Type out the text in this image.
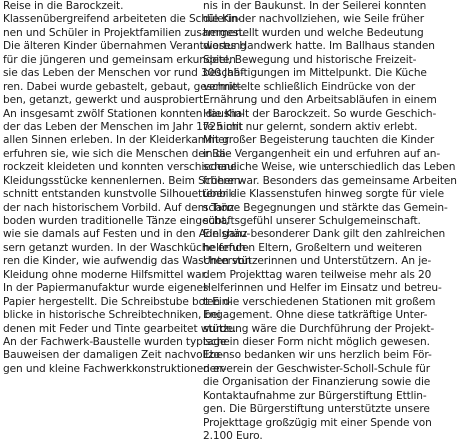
Reise in die Barockzeit.
Klassenübergreifend arbeiteten die Schülerin-
nen und Schüler in Projektfamilien zusammen.
Die älteren Kinder übernahmen Verantwortung
für die jüngeren und gemeinsam erkundeten
sie das Leben der Menschen vor rund 300 Jah-
ren. Dabei wurde gebastelt, gebaut, geschrie-
ben, getanzt, gewerkt und ausprobiert.
An insgesamt zwölf Stationen konnten die Kin-
der das Leben der Menschen im Jahr 1725 mit
allen Sinnen erleben. In der Kleiderkammer
erfuhren sie, wie sich die Menschen der Ba-
rockzeit kleideten und konnten verschiedene
Kleidungsstücke kennenlernen. Beim Scheren-
schnitt entstanden kunstvolle Silhouettenbil-
der nach historischem Vorbild. Auf dem Tanz-
boden wurden traditionelle Tänze eingeübt,
wie sie damals auf Festen und in den Adelshäu-
sern getanzt wurden. In der Waschküche erfuh-
ren die Kinder, wie aufwendig das Waschen von
Kleidung ohne moderne Hilfsmittel war.
In der Papiermanufaktur wurde eigenes
Papier hergestellt. Die Schreibstube bot Ein-
blicke in historische Schreibtechniken, bei
denen mit Feder und Tinte gearbeitet wurde.
An der Fachwerk-Baustelle wurden typische
Bauweisen der damaligen Zeit nachvollzo-
gen und kleine Fachwerkkonstruktionen er-
nis in der Baukunst. In der Seilerei konnten
die Kinder nachvollziehen, wie Seile früher
hergestellt wurden und welche Bedeutung
dieses Handwerk hatte. Im Ballhaus standen
Spiel, Bewegung und historische Freizeit-
beschäftigungen im Mittelpunkt. Die Küche
vermittelte schließlich Eindrücke von der
Ernährung und den Arbeitsabläufen in einem
Haushalt der Barockzeit. So wurde Geschich-
te nicht nur gelernt, sondern aktiv erlebt.
Mit großer Begeisterung tauchten die Kinder
in die Vergangenheit ein und erfuhren auf an-
schauliche Weise, wie unterschiedlich das Leben
früher war. Besonders das gemeinsame Arbeiten
über die Klassenstufen hinweg sorgte für viele
schöne Begegnungen und stärkte das Gemein-
schaftsgefühl unserer Schulgemeinschaft.
Ein ganz besonderer Dank gilt den zahlreichen
helfenden Eltern, Großeltern und weiteren
Unterstützerinnen und Unterstützern. An je-
dem Projekttag waren teilweise mehr als 20
Helferinnen und Helfer im Einsatz und betreu-
ten die verschiedenen Stationen mit großem
Engagement. Ohne diese tatkräftige Unter-
stützung wäre die Durchführung der Projekt-
tage in dieser Form nicht möglich gewesen.
Ebenso bedanken wir uns herzlich beim För-
derverein der Geschwister-Scholl-Schule für
die Organisation der Finanzierung sowie die
Kontaktaufnahme zur Bürgerstiftung Ettlin-
gen. Die Bürgerstiftung unterstützte unsere
Projekttage großzügig mit einer Spende von
2.100 Euro.
